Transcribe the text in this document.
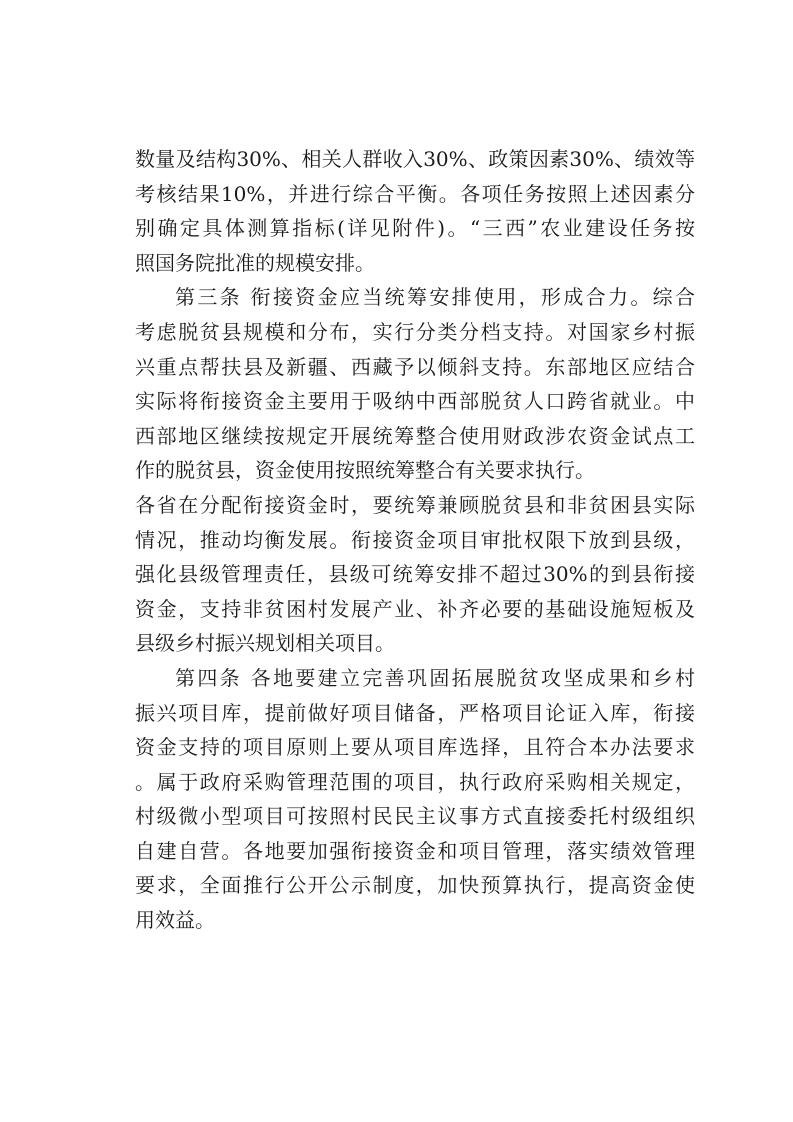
数量及结构30%、相关人群收入30%、政策因素30%、绩效等
考核结果10%，并进行综合平衡。各项任务按照上述因素分
别确定具体测算指标(详见附件)。“三西”农业建设任务按
照国务院批准的规模安排。
第三条 衔接资金应当统筹安排使用，形成合力。综合
考虑脱贫县规模和分布，实行分类分档支持。对国家乡村振
兴重点帮扶县及新疆、西藏予以倾斜支持。东部地区应结合
实际将衔接资金主要用于吸纳中西部脱贫人口跨省就业。中
西部地区继续按规定开展统筹整合使用财政涉农资金试点工
作的脱贫县，资金使用按照统筹整合有关要求执行。
各省在分配衔接资金时，要统筹兼顾脱贫县和非贫困县实际
情况，推动均衡发展。衔接资金项目审批权限下放到县级，
强化县级管理责任，县级可统筹安排不超过30%的到县衔接
资金，支持非贫困村发展产业、补齐必要的基础设施短板及
县级乡村振兴规划相关项目。
第四条 各地要建立完善巩固拓展脱贫攻坚成果和乡村
振兴项目库，提前做好项目储备，严格项目论证入库，衔接
资金支持的项目原则上要从项目库选择，且符合本办法要求
。属于政府采购管理范围的项目，执行政府采购相关规定，
村级微小型项目可按照村民民主议事方式直接委托村级组织
自建自营。各地要加强衔接资金和项目管理，落实绩效管理
要求，全面推行公开公示制度，加快预算执行，提高资金使
用效益。
